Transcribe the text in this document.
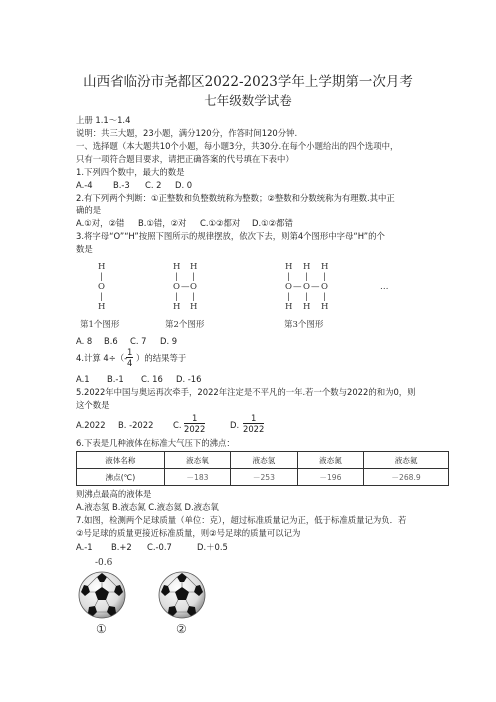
山西省临汾市尧都区2022-2023学年上学期第一次月考
七年级数学试卷
上册 1.1～1.4
说明：共三大题，23小题，满分120分，作答时间120分钟.
一、选择题（本大题共10个小题，每小题3分，共30分.在每个小题给出的四个选项中，
只有一项符合题目要求，请把正确答案的代号填在下表中）
1.下列四个数中，最大的数是
A.-4 B.-3 C. 2 D. 0
2.有下列两个判断：①正整数和负整数统称为整数；②整数和分数统称为有理数.其中正
确的是
A.①对，②错 B.①错，②对 C.①②都对 D.①②都错
3.将字母“O”“H”按照下图所示的规律摆放，依次下去，则第4个图形中字母“H”的个
数是
H
|
O
|
H
H H
| |
O — O
| |
H H
H H H
| | |
O — O — O
| | |
H H H
…
第1个图形	第2个图形	第3个图形
A. 8 B.6 C. 7 D. 9
4.计算 4÷（-
$\frac{1}{4}$ ）的结果等于
A.1 B.-1 C. 16 D. -16
5.2022年中国与奥运再次牵手，2022年注定是不平凡的一年.若一个数与2022的和为0，则
这个数是
A.2022 B. -2022 C. -
$\frac{1}{2022}$	D. $\frac{1}{2022}$
6.下表是几种液体在标准大气压下的沸点：
液体名称	液态氧	液态氢	液态氮	液态氦
沸点(℃)	－183	－253	－196	－268.9
则沸点最高的液体是
A.液态氢 B.液态氮 C.液态氦 D.液态氧
7.如图，检测两个足球质量（单位：克），超过标准质量记为正，低于标准质量记为负．若
②号足球的质量更接近标准质量，则②号足球的质量可以记为
A.-1 B.+2 C.-0.7	D.＋0.5
-0.6
①	②
